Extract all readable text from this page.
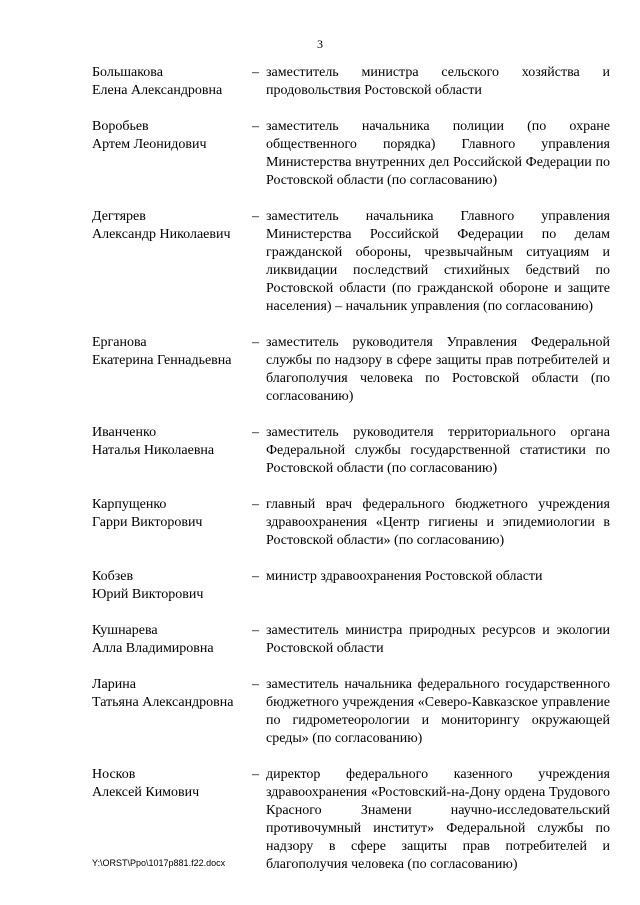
3
Большакова
Елена Александровна
– заместитель министра сельского хозяйства и продовольствия Ростовской области
Воробьев
Артем Леонидович
– заместитель начальника полиции (по охране общественного порядка) Главного управления Министерства внутренних дел Российской Федерации по Ростовской области (по согласованию)
Дегтярев
Александр Николаевич
– заместитель начальника Главного управления Министерства Российской Федерации по делам гражданской обороны, чрезвычайным ситуациям и ликвидации последствий стихийных бедствий по Ростовской области (по гражданской обороне и защите населения) – начальник управления (по согласованию)
Ерганова
Екатерина Геннадьевна
– заместитель руководителя Управления Федеральной службы по надзору в сфере защиты прав потребителей и благополучия человека по Ростовской области (по согласованию)
Иванченко
Наталья Николаевна
– заместитель руководителя территориального органа Федеральной службы государственной статистики по Ростовской области (по согласованию)
Карпущенко
Гарри Викторович
– главный врач федерального бюджетного учреждения здравоохранения «Центр гигиены и эпидемиологии в Ростовской области» (по согласованию)
Кобзев
Юрий Викторович
– министр здравоохранения Ростовской области
Кушнарева
Алла Владимировна
– заместитель министра природных ресурсов и экологии Ростовской области
Ларина
Татьяна Александровна
– заместитель начальника федерального государственного бюджетного учреждения «Северо-Кавказское управление по гидрометеорологии и мониторингу окружающей среды» (по согласованию)
Носков
Алексей Кимович
– директор федерального казенного учреждения здравоохранения «Ростовский-на-Дону ордена Трудового Красного Знамени научно-исследовательский противочумный институт» Федеральной службы по надзору в сфере защиты прав потребителей и благополучия человека (по согласованию)
Y:\ORST\Ppo\1017p881.f22.docx
